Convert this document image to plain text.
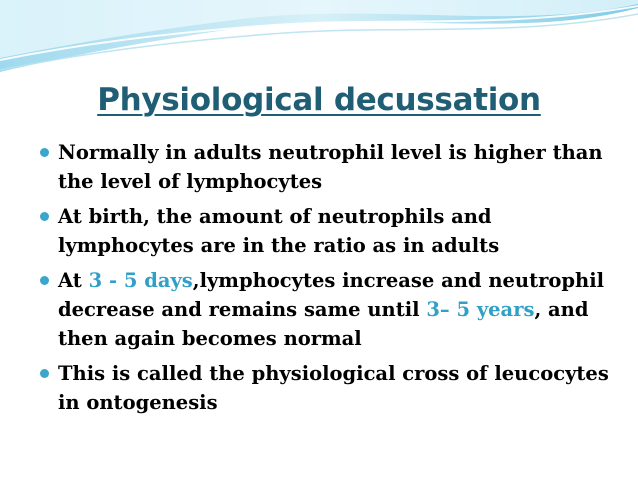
Physiological decussation
Normally in adults neutrophil level is higher than the level of lymphocytes
At birth, the amount of neutrophils and lymphocytes are in the ratio as in adults
At 3 - 5 days,lymphocytes increase and neutrophil decrease and remains same until 3– 5 years, and then again becomes normal
This is called the physiological cross of leucocytes in ontogenesis
